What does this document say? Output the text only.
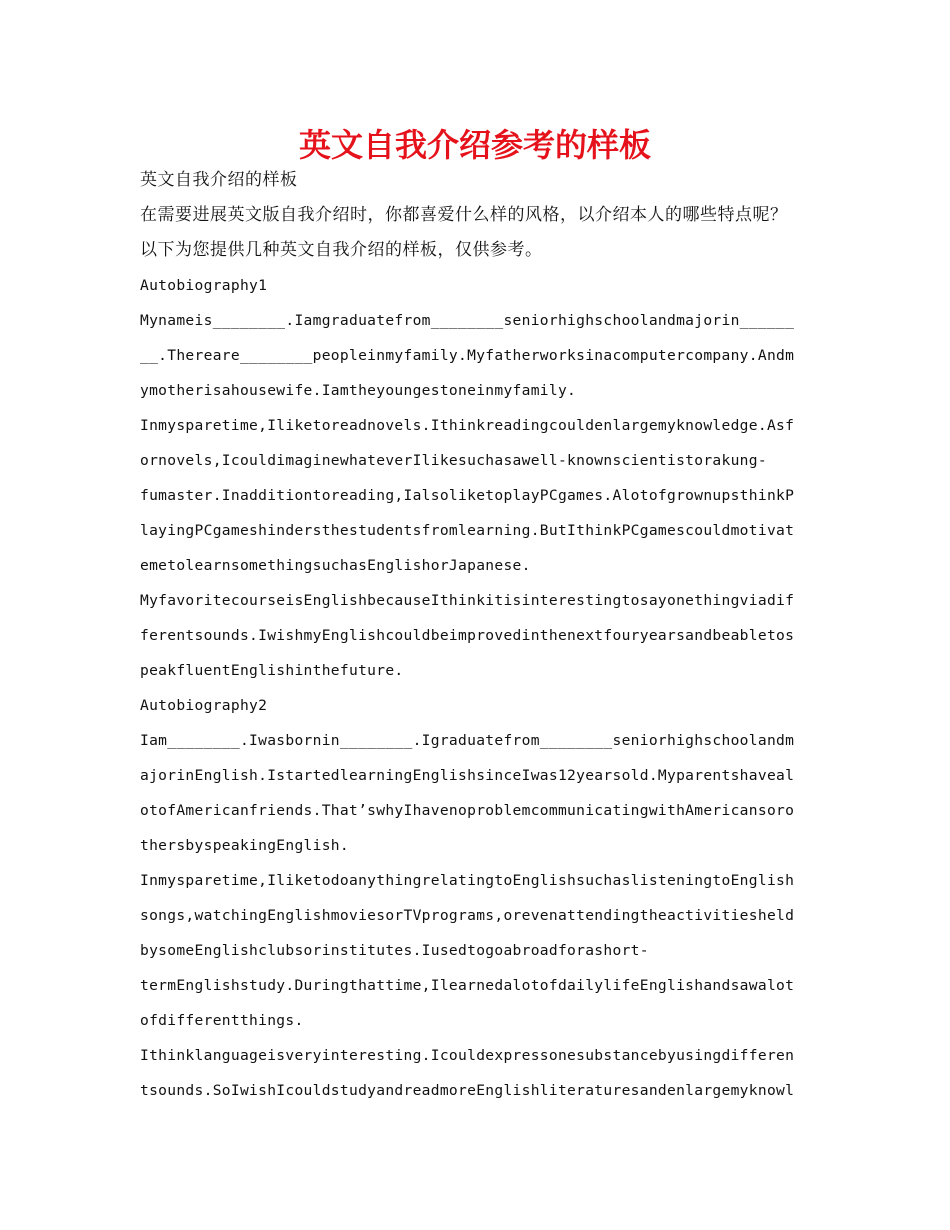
英文自我介绍参考的样板
英文自我介绍的样板
在需要进展英文版自我介绍时，你都喜爱什么样的风格，以介绍本人的哪些特点呢？
以下为您提供几种英文自我介绍的样板，仅供参考。
Autobiography1
Mynameis________.Iamgraduatefrom________seniorhighschoolandmajorin______
__.Thereare________peopleinmyfamily.Myfatherworksinacomputercompany.Andm
ymotherisahousewife.Iamtheyoungestoneinmyfamily.
Inmysparetime,Iliketoreadnovels.Ithinkreadingcouldenlargemyknowledge.Asf
ornovels,IcouldimaginewhateverIlikesuchasawell-knownscientistorakung-
fumaster.Inadditiontoreading,IalsoliketoplayPCgames.AlotofgrownupsthinkP
layingPCgameshindersthestudentsfromlearning.ButIthinkPCgamescouldmotivat
emetolearnsomethingsuchasEnglishorJapanese.
MyfavoritecourseisEnglishbecauseIthinkitisinterestingtosayonethingviadif
ferentsounds.IwishmyEnglishcouldbeimprovedinthenextfouryearsandbeabletos
peakfluentEnglishinthefuture.
Autobiography2
Iam________.Iwasbornin________.Igraduatefrom________seniorhighschoolandm
ajorinEnglish.IstartedlearningEnglishsinceIwas12yearsold.Myparentshaveal
otofAmericanfriends.That’swhyIhavenoproblemcommunicatingwithAmericansoro
thersbyspeakingEnglish.
Inmysparetime,IliketodoanythingrelatingtoEnglishsuchaslisteningtoEnglish
songs,watchingEnglishmoviesorTVprograms,orevenattendingtheactivitiesheld
bysomeEnglishclubsorinstitutes.Iusedtogoabroadforashort-
termEnglishstudy.Duringthattime,IlearnedalotofdailylifeEnglishandsawalot
ofdifferentthings.
Ithinklanguageisveryinteresting.Icouldexpressonesubstancebyusingdifferen
tsounds.SoIwishIcouldstudyandreadmoreEnglishliteraturesandenlargemyknowl
